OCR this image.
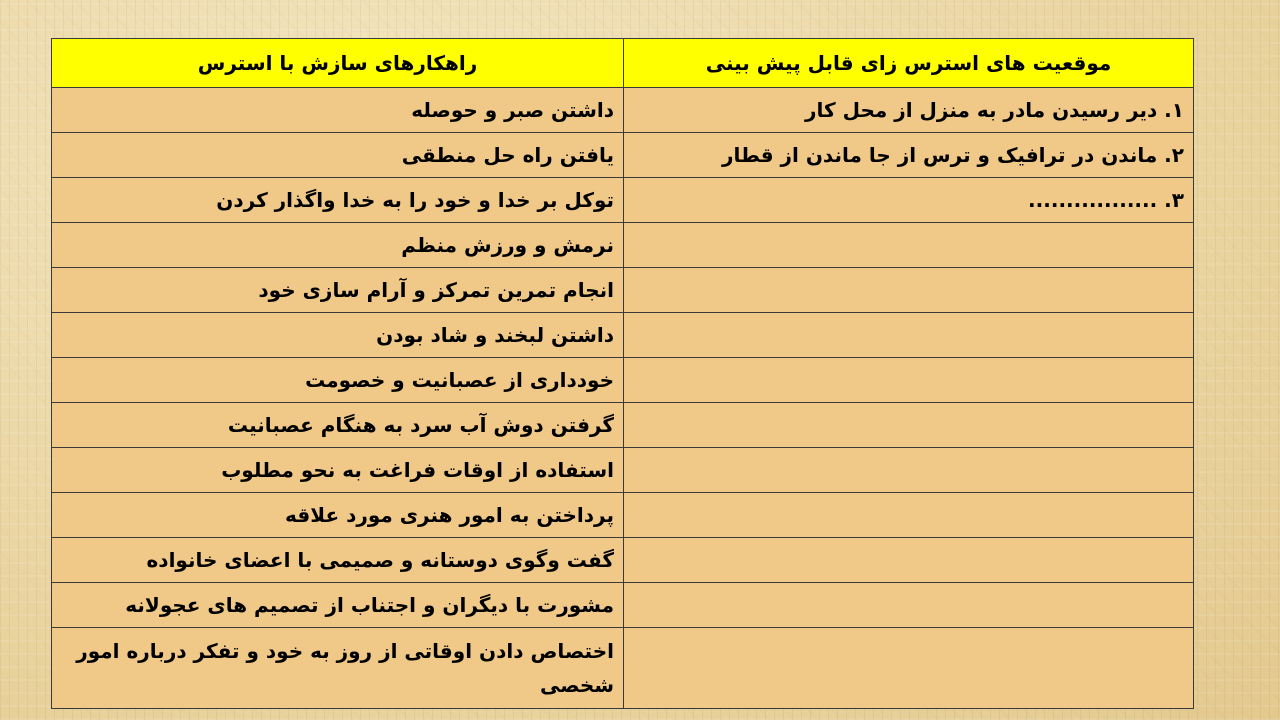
موقعیت های استرس زای قابل پیش بینی	راهکارهای سازش با استرس
۱. دیر رسیدن مادر به منزل از محل کار	داشتن صبر و حوصله
۲. ماندن در ترافیک و ترس از جا ماندن از قطار	یافتن راه حل منطقی
۳. .................	توکل بر خدا و خود را به خدا واگذار کردن
	نرمش و ورزش منظم
	انجام تمرین تمرکز و آرام سازی خود
	داشتن لبخند و شاد بودن
	خودداری از عصبانیت و خصومت
	گرفتن دوش آب سرد به هنگام عصبانیت
	استفاده از اوقات فراغت به نحو مطلوب
	پرداختن به امور هنری مورد علاقه
	گفت وگوی دوستانه و صمیمی با اعضای خانواده
	مشورت با دیگران و اجتناب از تصمیم های عجولانه
	اختصاص دادن اوقاتی از روز به خود و تفکر درباره امور شخصی
